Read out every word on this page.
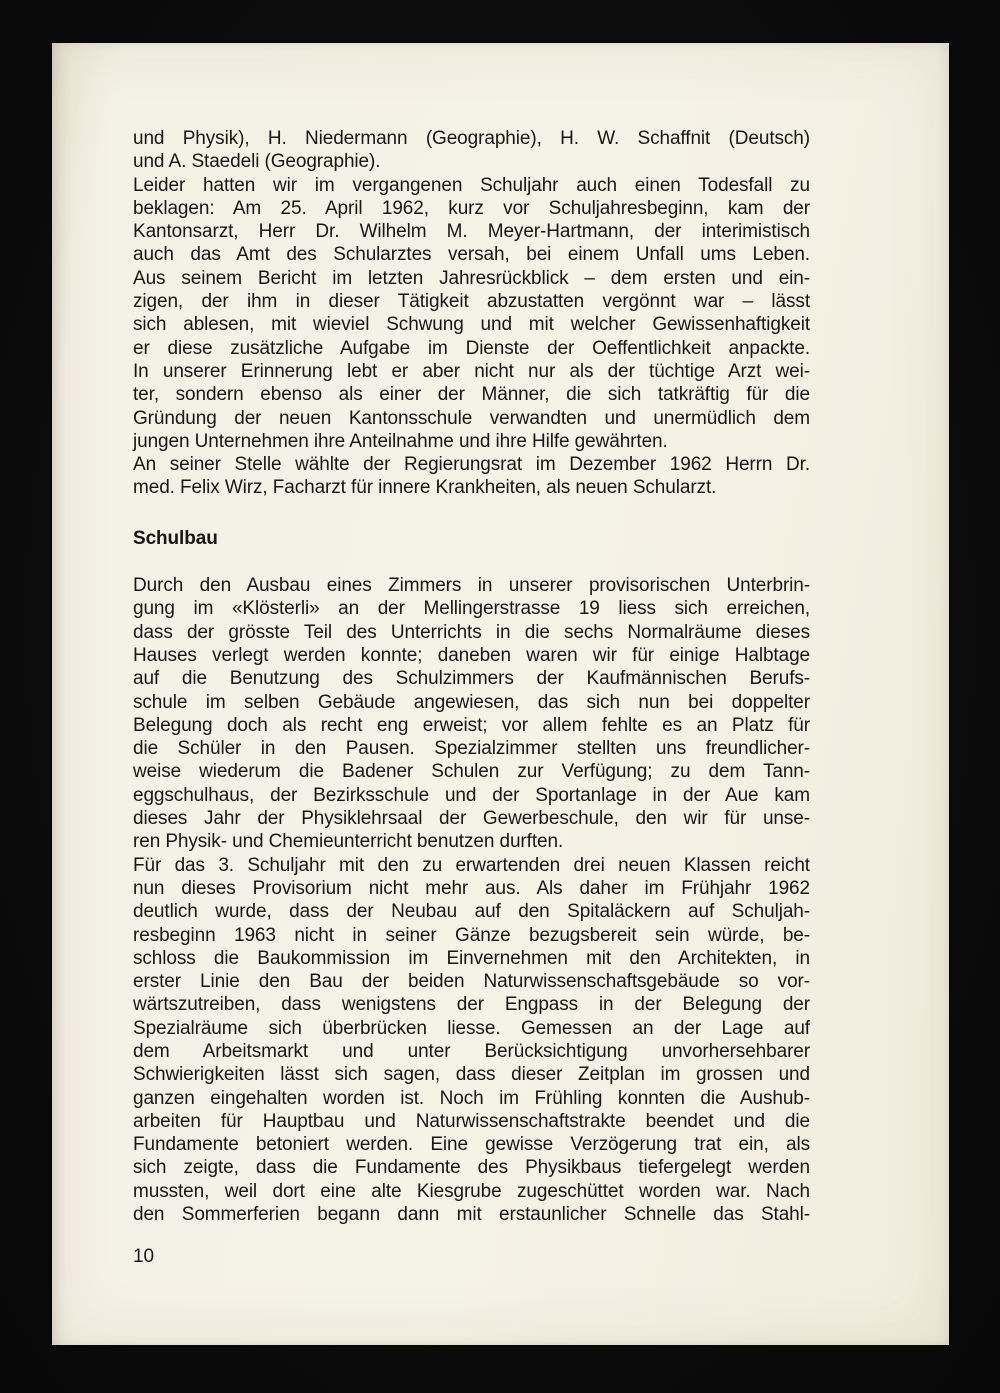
und Physik), H. Niedermann (Geographie), H. W. Schaffnit (Deutsch)
und A. Staedeli (Geographie).
Leider hatten wir im vergangenen Schuljahr auch einen Todesfall zu
beklagen: Am 25. April 1962, kurz vor Schuljahresbeginn, kam der
Kantonsarzt, Herr Dr. Wilhelm M. Meyer-Hartmann, der interimistisch
auch das Amt des Schularztes versah, bei einem Unfall ums Leben.
Aus seinem Bericht im letzten Jahresrückblick – dem ersten und ein-
zigen, der ihm in dieser Tätigkeit abzustatten vergönnt war – lässt
sich ablesen, mit wieviel Schwung und mit welcher Gewissenhaftigkeit
er diese zusätzliche Aufgabe im Dienste der Oeffentlichkeit anpackte.
In unserer Erinnerung lebt er aber nicht nur als der tüchtige Arzt wei-
ter, sondern ebenso als einer der Männer, die sich tatkräftig für die
Gründung der neuen Kantonsschule verwandten und unermüdlich dem
jungen Unternehmen ihre Anteilnahme und ihre Hilfe gewährten.
An seiner Stelle wählte der Regierungsrat im Dezember 1962 Herrn Dr.
med. Felix Wirz, Facharzt für innere Krankheiten, als neuen Schularzt.
Schulbau
Durch den Ausbau eines Zimmers in unserer provisorischen Unterbrin-
gung im «Klösterli» an der Mellingerstrasse 19 liess sich erreichen,
dass der grösste Teil des Unterrichts in die sechs Normalräume dieses
Hauses verlegt werden konnte; daneben waren wir für einige Halbtage
auf die Benutzung des Schulzimmers der Kaufmännischen Berufs-
schule im selben Gebäude angewiesen, das sich nun bei doppelter
Belegung doch als recht eng erweist; vor allem fehlte es an Platz für
die Schüler in den Pausen. Spezialzimmer stellten uns freundlicher-
weise wiederum die Badener Schulen zur Verfügung; zu dem Tann-
eggschulhaus, der Bezirksschule und der Sportanlage in der Aue kam
dieses Jahr der Physiklehrsaal der Gewerbeschule, den wir für unse-
ren Physik- und Chemieunterricht benutzen durften.
Für das 3. Schuljahr mit den zu erwartenden drei neuen Klassen reicht
nun dieses Provisorium nicht mehr aus. Als daher im Frühjahr 1962
deutlich wurde, dass der Neubau auf den Spitaläckern auf Schuljah-
resbeginn 1963 nicht in seiner Gänze bezugsbereit sein würde, be-
schloss die Baukommission im Einvernehmen mit den Architekten, in
erster Linie den Bau der beiden Naturwissenschaftsgebäude so vor-
wärtszutreiben, dass wenigstens der Engpass in der Belegung der
Spezialräume sich überbrücken liesse. Gemessen an der Lage auf
dem Arbeitsmarkt und unter Berücksichtigung unvorhersehbarer
Schwierigkeiten lässt sich sagen, dass dieser Zeitplan im grossen und
ganzen eingehalten worden ist. Noch im Frühling konnten die Aushub-
arbeiten für Hauptbau und Naturwissenschaftstrakte beendet und die
Fundamente betoniert werden. Eine gewisse Verzögerung trat ein, als
sich zeigte, dass die Fundamente des Physikbaus tiefergelegt werden
mussten, weil dort eine alte Kiesgrube zugeschüttet worden war. Nach
den Sommerferien begann dann mit erstaunlicher Schnelle das Stahl-
10
